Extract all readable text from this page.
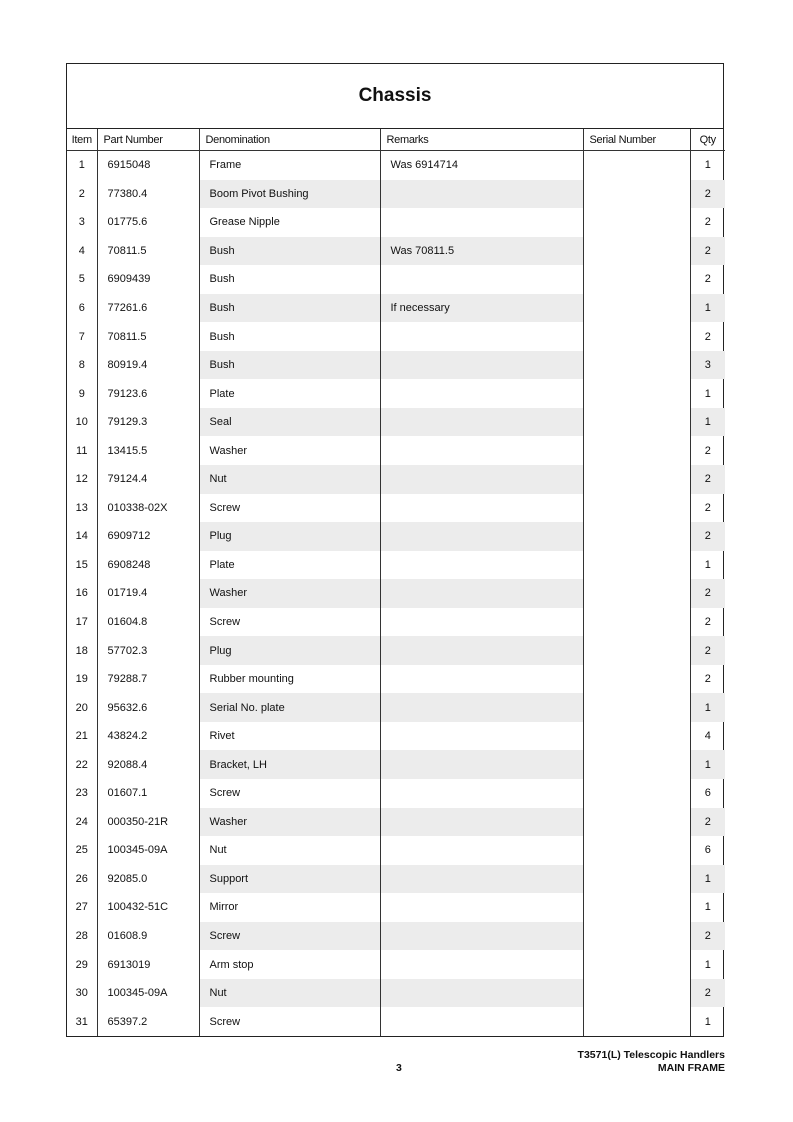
Chassis
Item	Part Number	Denomination	Remarks	Serial Number	Qty
1	6915048	Frame	Was 6914714		1
2	77380.4	Boom Pivot Bushing			2
3	01775.6	Grease Nipple			2
4	70811.5	Bush	Was 70811.5		2
5	6909439	Bush			2
6	77261.6	Bush	If necessary		1
7	70811.5	Bush			2
8	80919.4	Bush			3
9	79123.6	Plate			1
10	79129.3	Seal			1
11	13415.5	Washer			2
12	79124.4	Nut			2
13	010338-02X	Screw			2
14	6909712	Plug			2
15	6908248	Plate			1
16	01719.4	Washer			2
17	01604.8	Screw			2
18	57702.3	Plug			2
19	79288.7	Rubber mounting			2
20	95632.6	Serial No. plate			1
21	43824.2	Rivet			4
22	92088.4	Bracket, LH			1
23	01607.1	Screw			6
24	000350-21R	Washer			2
25	100345-09A	Nut			6
26	92085.0	Support			1
27	100432-51C	Mirror			1
28	01608.9	Screw			2
29	6913019	Arm stop			1
30	100345-09A	Nut			2
31	65397.2	Screw			1
3
T3571(L) Telescopic Handlers
MAIN FRAME
